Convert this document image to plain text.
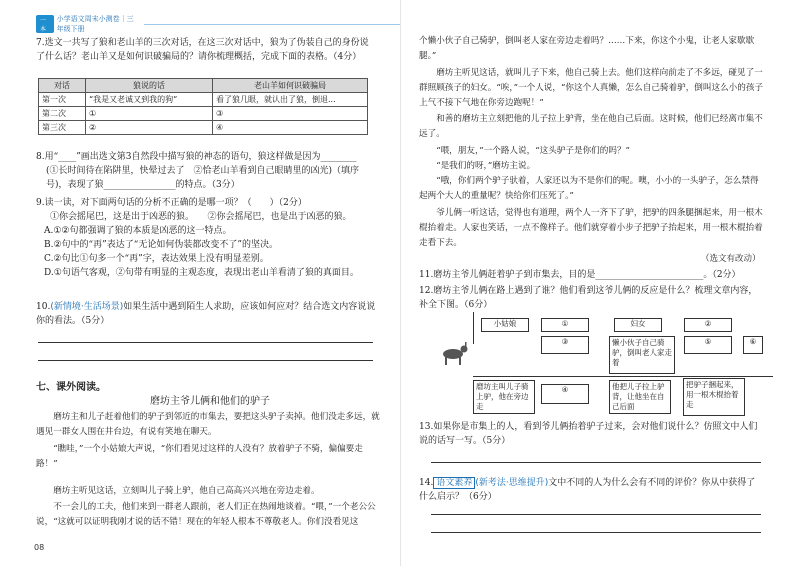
一本
小学语文周末小测卷｜三年级下册
7.选文一共写了狼和老山羊的三次对话，在这三次对话中，狼为了伪装自己的身份说了什么话？老山羊又是如何识破骗局的？请你梳理概括，完成下面的表格。（4分）
对话	狼说的话	老山羊如何识破骗局
第一次	“我是又老诚又到我的狗”	看了狼几眼，就认出了狼，倒退...
第二次	①	③
第三次	②	④
8.用“____”画出选文第3自然段中描写狼的神态的语句，狼这样做是因为________
(①长时间待在陷阱里，快晕过去了　②恰老山羊看到自己眼睛里的凶光)（填序
号)，表现了狼________________的特点。（3分）
9.读一读，对下面两句话的分析不正确的是哪一项？（　　）（2分）
①你会摇尾巴，这是出于凶恶的狼。　　②你会摇尾巴，也是出于凶恶的狼。
A.①②句都强调了狼的本质是凶恶的这一特点。
B.②句中的“再”表达了“无论如何伪装都改变不了”的坚决。
C.②句比①句多一个“再”字，表达效果上没有明显差别。
D.①句语气客观，②句带有明显的主观态度，表现出老山羊看清了狼的真面目。
10.(新情境·生活场景)如果生活中遇到陌生人求助，应该如何应对？结合选文内容说说你的看法。（5分）
七、课外阅读。
磨坊主爷儿俩和他们的驴子
磨坊主和儿子赶着他们的驴子到邻近的市集去，要把这头驴子卖掉。他们没走多远，就遇见一群女人围在井台边，有说有笑地在聊天。
“瞧哇，”一个小姑娘大声说，“你们看见过这样的人没有？放着驴子不骑，偏偏要走路！”
磨坊主听见这话，立刻叫儿子骑上驴，他自己高高兴兴地在旁边走着。
不一会儿的工夫，他们来到一群老人跟前，老人们正在热闹地谈着。“喂，”一个老公公说，“这就可以证明我刚才说的话不错！现在的年轻人根本不尊敬老人。你们没看见这
08
个懒小伙子自己骑驴，倒叫老人家在旁边走着吗？……下来，你这个小鬼，让老人家歇歇腿。”
磨坊主听见这话，就叫儿子下来，他自己骑上去。他们这样向前走了不多远，碰见了一群照顾孩子的妇女。“唉，”一个人说，“你这个人真懒，怎么自己骑着驴，倒叫这么小的孩子上气不接下气地在你旁边跑呢！”
和善的磨坊主立刻把他的儿子拉上驴背，坐在他自己后面。这时候，他们已经离市集不远了。
“喂，朋友，”一个路人说，“这头驴子是你们的吗？”
“是我们的呀，”磨坊主说。
“哦，你们两个驴子驮着，人家还以为不是你们的呢。噢，小小的一头驴子，怎么禁得起两个大人的重量呢？快给你们压死了。”
爷儿俩一听这话，觉得也有道理，两个人一齐下了驴，把驴的四条腿捆起来，用一根木棍抬着走。人家也笑话，一点不像样子。他们就穿着小步子把驴子抬起来，用一根木棍抬着走看下去。
（选文有改动）
11.磨坊主爷儿俩赶着驴子到市集去，目的是________________________。（2分）
12.磨坊主爷儿俩在路上遇到了谁？他们看到这爷儿俩的反应是什么？梳理文章内容，补全下图。（6分）
小姑娘	①	妇女	②
③	懒小伙子自己骑驴，倒叫老人家走着
⑤
磨坊主叫儿子骑上驴，他在旁边走
④	他把儿子拉上驴背，让他坐在自己后面
把驴子捆起来，用一根木棍抬着走
⑥
13.如果你是市集上的人，看到爷儿俩抬着驴子过来，会对他们说什么？仿照文中人们说的话写一写。（5分）
14. 语文素养 (新考法·思维提升)文中不同的人为什么会有不同的评价？你从中获得了什么启示？（6分）
